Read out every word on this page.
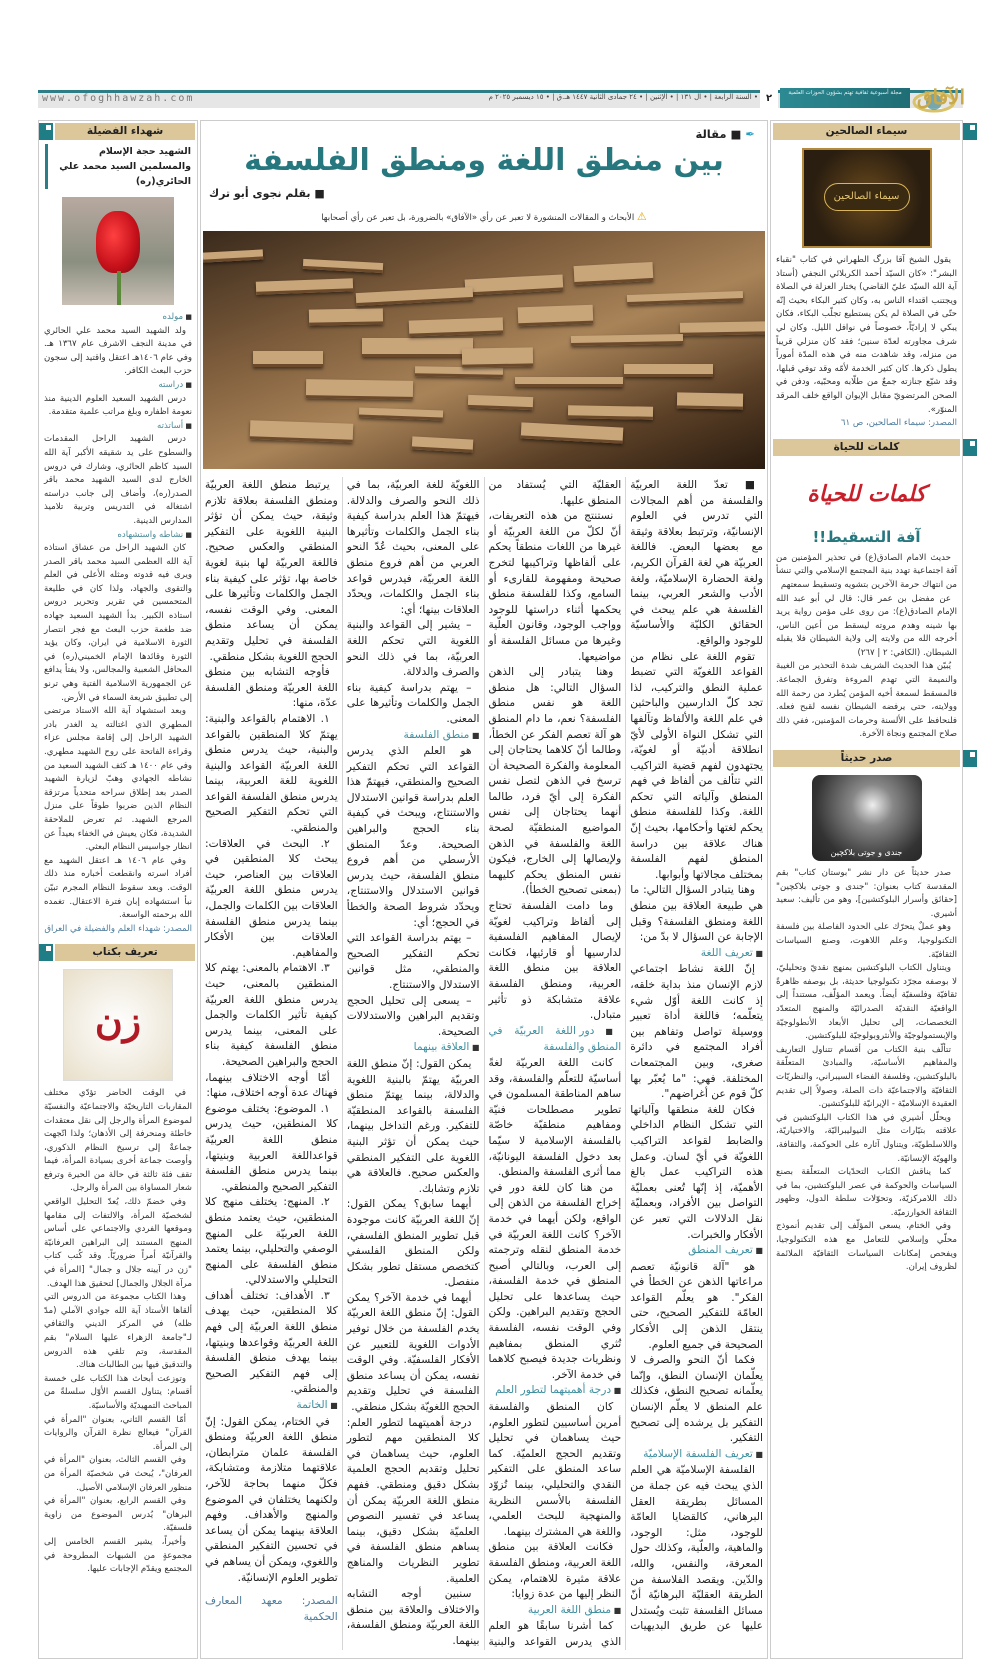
www.ofoghhawzah.com	• السنة الرابعة | • ال ١٣١ | • الإثنين | • ٢٤ جمادى الثانية ١٤٤٧ هـ.ق | • ١٥ ديسمبر ٢٠٢٥ م ٢	مجلة أسبوعية ثقافية تهتم بشؤون الحوزات العلمية الآفاق
✒ ■ مقالة
بين منطق اللغة ومنطق الفلسفة
■ بقلم نجوى أبو ترك
⚠ الأبحاث و المقالات المنشورة لا تعبر عن رأي «الآفاق» بالضرورة، بل تعبر عن رأي أصحابها

■ تعدّ اللغة العربيّة والفلسفة من أهم المجالات التي تدرس في العلوم الإنسانيّة، وترتبط بعلاقة وثيقة مع بعضها البعض. فاللغة العربيّة هي لغة القرآن الكريم، ولغة الحضارة الإسلاميّة، ولغة الأدب والشعر العربي، بينما الفلسفة هي علم يبحث في الحقائق الكليّة والأساسيّة للوجود والواقع.

تقوم اللغة على نظام من القواعد اللغويّة التي تضبط عملية النطق والتركيب، لذا تجد كلّ الدارسين والباحثين في علم اللغة والألفاظ وتآلفها التي تشكل النواة الأولى لأيّ انطلاقة أدبيّة أو لغويّة، يجتهدون لفهم قضية التراكيب التي تتألف من ألفاظ في فهم المنطق وآلياته التي تحكم اللغة. وكذا للفلسفة منطق يحكم لغتها وأحكامها، بحيث إنّ هناك علاقة بين دراسة المنطق لفهم الفلسفة بمختلف مجالاتها وأبوابها.

وهنا يتبادر السؤال التالي: ما هي طبيعة العلاقة بين منطق اللغة ومنطق الفلسفة؟ وقبل الإجابة عن السؤال لا بدّ من:

■ تعريف اللغة

إنّ اللغة نشاط اجتماعي لازم الإنسان منذ بداية خلقه، إذ كانت اللغة أوّل شيء يتعلّمه؛ فاللغة أداة تعبير ووسيلة تواصل وتفاهم بين أفراد المجتمع في دائرة صغرى، وبين المجتمعات المختلفة. فهي: "ما يُعبّر بها كلّ قوم عن أغراضهم".

فكان للغة منطقها وآلياتها التي تشكل النظام الداخلي والضابط لقواعد التراكيب اللغويّة في أيّ لسان. وعمل هذه التراكيب عمل بالغ الأهميّة، إذ إنّها تُعنى بعمليّة التواصل بين الأفراد، وبعمليّة نقل الدلالات التي تعبر عن الأفكار والخبرات.

■ تعريف المنطق

هو "آلة قانونيّة تعصم مراعاتها الذهن عن الخطأ في الفكر". هو يعلّم القواعد العامّة للتفكير الصحيح، حتى ينتقل الذهن إلى الأفكار الصحيحة في جميع العلوم.

فكما أنّ النحو والصرف لا يعلّمان الإنسان النطق، وإنّما يعلّمانه تصحيح النطق، فكذلك علم المنطق لا يعلّم الإنسان التفكير بل يرشده إلى تصحيح التفكير.

■ تعريف الفلسفة الإسلاميّة

الفلسفة الإسلاميّة هي العلم الذي يبحث فيه عن جملة من المسائل بطريقة العقل البرهاني، كالقضايا العامّة للوجود، مثل: الوجود، والماهية، والعلّية، وكذلك حول المعرفة، والنفس، والله، والدّين. ويقصد الفلاسفة من الطريقة العقليّة البرهانيّة أنّ مسائل الفلسفة تثبت ويُستدل عليها عن طريق البديهيات العقليّة التي يُستفاد من المنطق عليها.

نستنتج من هذه التعريفات، أنّ لكلّ من اللغة العربيّة أو غيرها من اللغات منطقاً يحكم على ألفاظها وتراكيبها لتخرج صحيحة ومفهومة للقارىء أو السامع، وكذا للفلسفة منطق يحكمها أثناء دراستها للوجود وواجب الوجود، وقانون العلّية وغيرها من مسائل الفلسفة أو مواضيعها.

وهنا يتبادر إلى الذهن السؤال التالي: هل منطق اللغة هو نفس منطق الفلسفة؟ نعم، ما دام المنطق هو آلة تعصم الفكر عن الخطأ، وطالما أنّ كلاهما يحتاجان إلى المعلومة والفكرة الصحيحة أن ترسخ في الذهن لتصل نفس الفكرة إلى أيّ فرد، طالما أنهما يحتاجان إلى نفس المواضيع المنطقيّة لصحة اللغة والفلسفة في الذهن ولإيصالها إلى الخارج، فيكون نفس المنطق يحكم كليهما (بمعنى تصحيح الخطأ).

وما دامت الفلسفة تحتاج إلى ألفاظ وتراكيب لغويّة لإيصال المفاهيم الفلسفية لدارسيها أو قارئيها، فكانت العلاقة بين منطق اللغة العربية، ومنطق الفلسفة علاقة متشابكة ذو تأثير متبادل.

■ دور اللغة العربيّة في المنطق والفلسفة

كانت اللغة العربيّة لغةً أساسيّة للتعلّم والفلسفة، وقد ساهم المناطقة المسلمون في تطوير مصطلحات فنيّة ومفاهيم منطقيّة خاصّة بالفلسفة الإسلامية لا سيّما بعد دخول الفلسفة اليونانيّة، مما أثرى الفلسفة والمنطق.

من هنا كان للغة دور في إخراج الفلسفة من الذهن إلى الواقع، ولكن أيهما في خدمة الآخر؟ كانت اللغة العربيّة في خدمة المنطق لنقله وترجمته إلى العرب، وبالتالي أصبح المنطق في خدمة الفلسفة، حيث يساعدها على تحليل الحجج وتقديم البراهين. ولكن وفي الوقت نفسه، الفلسفة تُثري المنطق بمفاهيم ونظريات جديدة فيصبح كلاهما في خدمة الآخر.

■ درجة أهميتهما لتطور العلم

كان المنطق والفلسفة أمرين أساسيين لتطور العلوم، حيث يساهمان في تحليل وتقديم الحجج العلميّة. كما ساعد المنطق على التفكير النقدي والتحليلي، بينما تُزوّد الفلسفة بالأسس النظرية والمنهجية للبحث العلمي، واللغة هي المشترك بينهما.

فكانت العلاقة بين منطق اللغة العربية، ومنطق الفلسفة علاقة مثيرة للاهتمام، يمكن النظر إليها من عدة زوايا:

■ منطق اللغة العربية

كما أشرنا سابقًا هو العلم الذي يدرس القواعد والبنية اللغويّة للغة العربيّة، بما في ذلك النحو والصرف والدلالة. فيهتمّ هذا العلم بدراسة كيفية بناء الجمل والكلمات وتأثيرها على المعنى، بحيث عُدّ النحو العربي من أهم فروع منطق اللغة العربيّة، فيدرس قواعد بناء الجمل والكلمات، ويحدّد العلاقات بينها؛ أي:

– يشير إلى القواعد والبنية اللغوية التي تحكم اللغة العربيّة، بما في ذلك النحو والصرف والدلالة.

– يهتم بدراسة كيفية بناء الجمل والكلمات وتأثيرها على المعنى.

■ منطق الفلسفة

هو العلم الذي يدرس القواعد التي تحكم التفكير الصحيح والمنطقي، فيهتمّ هذا العلم بدراسة قوانين الاستدلال والاستنتاج، ويبحث في كيفية بناء الحجج والبراهين الصحيحة. وعدّ المنطق الأرسطي من أهم فروع منطق الفلسفة، حيث يدرس قوانين الاستدلال والاستنتاج، ويحدّد شروط الصحة والخطأ في الحجج؛ أي:

– يهتم بدراسة القواعد التي تحكم التفكير الصحيح والمنطقي، مثل قوانين الاستدلال والاستنتاج.

– يسعى إلى تحليل الحجج وتقديم البراهين والاستدلالات الصحيحة.

■ العلاقة بينهما

يمكن القول: إنّ منطق اللغة العربيّة يهتمّ بالبنية اللغوية والدلالة، بينما يهتمّ منطق الفلسفة بالقواعد المنطقيّة للتفكير. ورغم التداخل بينهما، حيث يمكن أن تؤثر البنية اللغوية على التفكير المنطقي والعكس صحيح. فالعلاقة هي تلازم وتشابك.

أيهما سابق؟ يمكن القول: إنّ اللغة العربيّة كانت موجودة قبل تطوير المنطق الفلسفي، ولكن المنطق الفلسفي كتخصص مستقل تطور بشكل منفصل.

أيهما في خدمة الآخر؟ يمكن القول: إنّ منطق اللغة العربيّة يخدم الفلسفة من خلال توفير الأدوات اللغوية للتعبير عن الأفكار الفلسفيّة. وفي الوقت نفسه، يمكن أن يساعد منطق الفلسفة في تحليل وتقديم الحجج اللغويّة بشكل منطقي.

درجة أهميتهما لتطور العلم: كلا المنطقين مهم لتطور العلوم، حيث يساهمان في تحليل وتقديم الحجج العلمية بشكل دقيق ومنطقي. ففهم منطق اللغة العربيّة يمكن أن يساعد في تفسير النصوص العلميّة بشكل دقيق، بينما يساهم منطق الفلسفة في تطوير النظريات والمناهج العلمية.

سنبين أوجه التشابه والاختلاف والعلاقة بين منطق اللغة العربيّة ومنطق الفلسفة، بينهما.

يرتبط منطق اللغة العربيّة ومنطق الفلسفة بعلاقة تلازم وثيقة، حيث يمكن أن تؤثر البنية اللغوية على التفكير المنطقي والعكس صحيح. فاللغة العربيّة لها بنية لغوية خاصة بها، تؤثر على كيفية بناء الجمل والكلمات وتأثيرها على المعنى. وفي الوقت نفسه، يمكن أن يساعد منطق الفلسفة في تحليل وتقديم الحجج اللغوية بشكل منطقي.

فأوجه التشابه بين منطق اللغة العربيّة ومنطق الفلسفة عدّة، منها:

١. الاهتمام بالقواعد والبنية: يهتمّ كلا المنطقين بالقواعد والبنية، حيث يدرس منطق اللغة العربيّة القواعد والبنية اللغوية للغة العربية، بينما يدرس منطق الفلسفة القواعد التي تحكم التفكير الصحيح والمنطقي.

٢. البحث في العلاقات: يبحث كلا المنطقين في العلاقات بين العناصر، حيث يدرس منطق اللغة العربيّة العلاقات بين الكلمات والجمل، بينما يدرس منطق الفلسفة العلاقات بين الأفكار والمفاهيم.

٣. الاهتمام بالمعنى: يهتم كلا المنطقين بالمعنى، حيث يدرس منطق اللغة العربيّة كيفية تأثير الكلمات والجمل على المعنى، بينما يدرس منطق الفلسفة كيفية بناء الحجج والبراهين الصحيحة.

أمّا أوجه الاختلاف بينهما، فهناك عدة أوجه اختلاف، منها:

١. الموضوع: يختلف موضوع كلا المنطقين، حيث يدرس منطق اللغة العربيّة قواعداللغة العربية وبنيتها، بينما يدرس منطق الفلسفة التفكير الصحيح والمنطقي.

٢. المنهج: يختلف منهج كلا المنطقين، حيث يعتمد منطق اللغة العربيّة على المنهج الوصفي والتحليلي، بينما يعتمد منطق الفلسفة على المنهج التحليلي والاستدلالي.

٣. الأهداف: تختلف أهداف كلا المنطقين، حيث يهدف منطق اللغة العربيّة إلى فهم اللغة العربيّة وقواعدها وبنيتها، بينما يهدف منطق الفلسفة إلى فهم التفكير الصحيح والمنطقي.

■ الخاتمة

في الختام، يمكن القول: إنّ منطق اللغة العربيّة ومنطق الفلسفة علمان مترابطان، علاقتهما متلازمة ومتشابكة، فكلّ منهما بحاجة للآخر، ولكنهما يختلفان في الموضوع والمنهج والأهداف. وفهم العلاقة بينهما يمكن أن يساعد في تحسين التفكير المنطقي واللغوي، ويمكن أن يساهم في تطوير العلوم الإنسانيّة.

المصدر: معهد المعارف الحكمية
سيماء الصالحين
سيماء الصالحين

يقول الشيخ آقا بزرگ الطهراني في كتاب "نقباء البشر": «كان السيّد أحمد الكربلائي النجفي (أستاذ آية الله السيّد عليّ القاضي) يختار العزلة في الصلاة ويجتنب اقتداء الناس به، وكان كثير البكاء بحيث إنّه حتّى في الصلاة لم يكن يستطيع تجلّب البكاء، فكان يبكي لا إراديّاً، خصوصاً في نوافل الليل. وكان لي شرف مجاورته لعدّة سنين؛ فقد كان منزلي قريباً من منزله، وقد شاهدت منه في هذه المدّة أموراً يطول ذكرها. كان كثير الخدمة لأمّه وقد توفي قبلها، وقد شيّع جنازته جمعٌ من طلّابه ومحبّيه، ودفن في الصحن المرتضويّ مقابل الإيوان الواقع خلف المرقد المنوّر».

المصدر: سيماء الصالحين، ص ٦١
كلمات للحياة
كلمات للحياة
آفة التسقيط!!

حديث الامام الصادق(ع) في تحذير المؤمنين من آفة اجتماعية تهدد بنية المجتمع الإسلامي والتي تنشأ من انتهاك حرمة الآخرين بتشويه وتسقيط سمعتهم

عن مفضل بن عمر قال: قال لي أبو عبد الله الإمام الصادق(ع): من روى على مؤمن رواية يريد بها شينه وهدم مروته ليسقط من أعين الناس، أخرجه الله من ولايته إلى ولاية الشيطان فلا يقبله الشيطان. (الكافي: ٢ | ٢٦٧)

يُبيّن هذا الحديث الشريف شدة التحذير من الغيبة والنميمة التي تهدم المروءة وتفرق الجماعة. فالمسقط لسمعة أخيه المؤمن يُطرد من رحمة الله وولايته، حتى يرفضه الشيطان نفسه لقبح فعله. فلنحافظ على الألسنة وحرمات المؤمنين، ففي ذلك صلاح المجتمع ونجاة الآخرة.

صدر حديثاً
جندی و جوتی بلاکچین

صدر حديثاً عن دار نشر "بوستان كتاب" بقم المقدسة كتاب بعنوان: "جندی و جوتی بلاکچین" [حقائق وأسرار البلوكتشين]، وهو من تأليف: سعيد أشيري.

وهو عملٌ يتحرّك على الحدود الفاصلة بين فلسفة التكنولوجيا، وعلم اللاهوت، وصنع السياسات الثقافيّة.

ويتناول الكتاب البلوكتشين بمنهج نقديّ وتحليليّ، لا بوصفه مجرّد تكنولوجيا حديثة، بل بوصفه ظاهرةً ثقافيّة وفلسفيّة أيضاً. ويعمد المؤلّف، مستنداً إلى الواقعيّة النقديّة الصدرائيّة والمنهج المتعدّد التخصصات، إلى تحليل الأبعاد الأنطولوجيّة والإبستمولوجيّة والأنثروبولوجيّة للبلوكتشين.

تتألّف بنية الكتاب من أقسام تتناول التعاريف والمفاهيم الأساسيّة، والمبادئ المتعلّقة بالبلوكتشين، وفلسفة الفضاء السيبراني، والنظريّات الثقافيّة والاجتماعيّة ذات الصلة، وصولاً إلى تقديم العقيدة الإسلاميّة - الإيرانيّة للبلوكتشين.

ويحلّل أشيري في هذا الكتاب البلوكتشين في علاقته بتيّارات مثل النيوليبراليّة، والاختياريّة، واللاسلطويّة، ويتناول آثاره على الحوكمة، والثقافة، والهويّة الإنسانيّة.

كما يناقش الكتاب التحدّيات المتعلّقة بصنع السياسات والحوكمة في عصر البلوكتشين، بما في ذلك اللامركزيّة، وتحوّلات سلطة الدول، وظهور الثقافة الخوارزميّة.

وفي الختام، يسعى المؤلّف إلى تقديم أنموذج محلّي وإسلامي للتعامل مع هذه التكنولوجيا، ويفحص إمكانات السياسات الثقافيّة الملائمة لظروف إيران.

شهداء الفضيلة
الشهيد حجة الإسلام والمسلمين السيد محمد علي الحائري(ره)
■ مولده

ولد الشهيد السيد محمد علي الحائري في مدينة النجف الاشرف عام ١٣٦٧ هـ. وفي عام ١٤٠٦هـ اعتقل واقتيد إلى سجون حزب البعث الكافر.

■ دراسته

درس الشهيد السعيد العلوم الدينية منذ نعومة اظفاره وبلغ مراتب علمية متقدمة.

■ أساتذته

درس الشهيد الراحل المقدمات والسطوح على يد شقيقه الأكبر آية الله السيد كاظم الحائري، وشارك في دروس الخارج لدى السيد الشهيد محمد باقر الصدر(ره)، وأضاف إلى جانب دراسته اشتغاله في التدريس وتربية تلاميذ المدارس الدينية.

■ نشاطه واستشهاده

كان الشهيد الراحل من عشاق استاذه آية الله العظمى السيد محمد باقر الصدر ويرى فيه قدوته ومثله الأعلى في العلم والتقوى والجهاد، ولذا كان في طليعة المتحمسين في تقرير وتحرير دروس استاذه الكبير. بدأ الشهيد السعيد جهاده ضد طغمة حزب البعث مع فجر انتصار الثورة الاسلامية في ايران، وكان يؤيد الثورة وقائدها الإمام الخميني(ره) في المحافل الشعبية والمجالس، ولا يفتأ يدافع عن الجمهورية الاسلامية الفتية وهي ترنو إلى تطبيق شريعة السماء في الأرض.

وبعد استشهاد آية الله الاستاذ مرتضى المطهري الذي اغتالته يد الغدر بادر الشهيد الراحل إلى إقامة مجلس عزاء وقراءة الفاتحة على روح الشهيد مطهري. وفي عام ١٤٠٠ هـ كثف الشهيد السعيد من نشاطه الجهادي وهبّ لزيارة الشهيد الصدر بعد إطلاق سراحه متحدياً مرتزقة النظام الذين ضربوا طوقاً على منزل المرجع الشهيد. ثم تعرض للملاحقة الشديدة، فكان يعيش في الخفاء بعيداً عن انظار جواسيس النظام البعثي.

وفي عام ١٤٠٦ هـ اعتقل الشهيد مع أفراد اسرته وانقطعت أخباره منذ ذلك الوقت. وبعد سقوط النظام المجرم تبيّن نبأ استشهاده إبان فترة الاعتقال. تغمده الله برحمته الواسعة.

المصدر: شهداء العلم والفضيلة في العراق
تعريف بكتاب
زن

في الوقت الحاضر تؤدّي مختلف المقاربات التاريخيّة والاجتماعيّة والنفسيّة لموضوع المرأة والرجل إلى نقل معتقدات خاطئة ومنحرفة إلى الأذهان؛ ولذا اتّجهت جماعةٌ إلى ترسيخ النظام الذكوري، وأوصت جماعة أخرى بسيادة المرأة، فيما تقف فئة ثالثة في حالة من الحيرة وترفع شعار المساواة بين المرأة والرجل.

وفي خضمّ ذلك، يُعدّ التحليل الواقعي لشخصيّة المرأة، والالتفات إلى مقامها وموقعها الفردي والاجتماعي على أساس المنهج المستند إلى البراهين العرفانيّة والقرآنيّة أمراً ضروريّاً. وقد كُتب كتاب "زن در آيينه جلال و جمال" [المرأة في مرآة الجلال والجمال] لتحقيق هذا الهدف.

وهذا الكتاب مجموعة من الدروس التي ألقاها الأستاذ آية الله جوادي الآملي (مدّ ظله) في المركز الديني والثقافي لـ"جامعة الزهراء عليها السلام" بقم المقدسة، وتم تلقي هذه الدروس والتدقيق فيها بين الطالبات هناك.

وتوزعت أبحاث هذا الكتاب على خمسة أقسام: يتناول القسم الأوّل سلسلةً من المباحث التمهيديّة والأساسيّة.

أمّا القسم الثاني، بعنوان "المرأة في القرآن" فيعالج نظرة القرآن والروايات إلى المرأة.

وفي القسم الثالث، بعنوان "المرأة في العرفان"، يُبحث في شخصيّة المرأة من منظور العرفان الإسلامي الأصيل.

وفي القسم الرابع، بعنوان "المرأة في البرهان" يُدرس الموضوع من زاوية فلسفيّة.

وأخيراً، يشير القسم الخامس إلى مجموعةٍ من الشبهات المطروحة في المجتمع ويقدّم الإجابات عليها.
